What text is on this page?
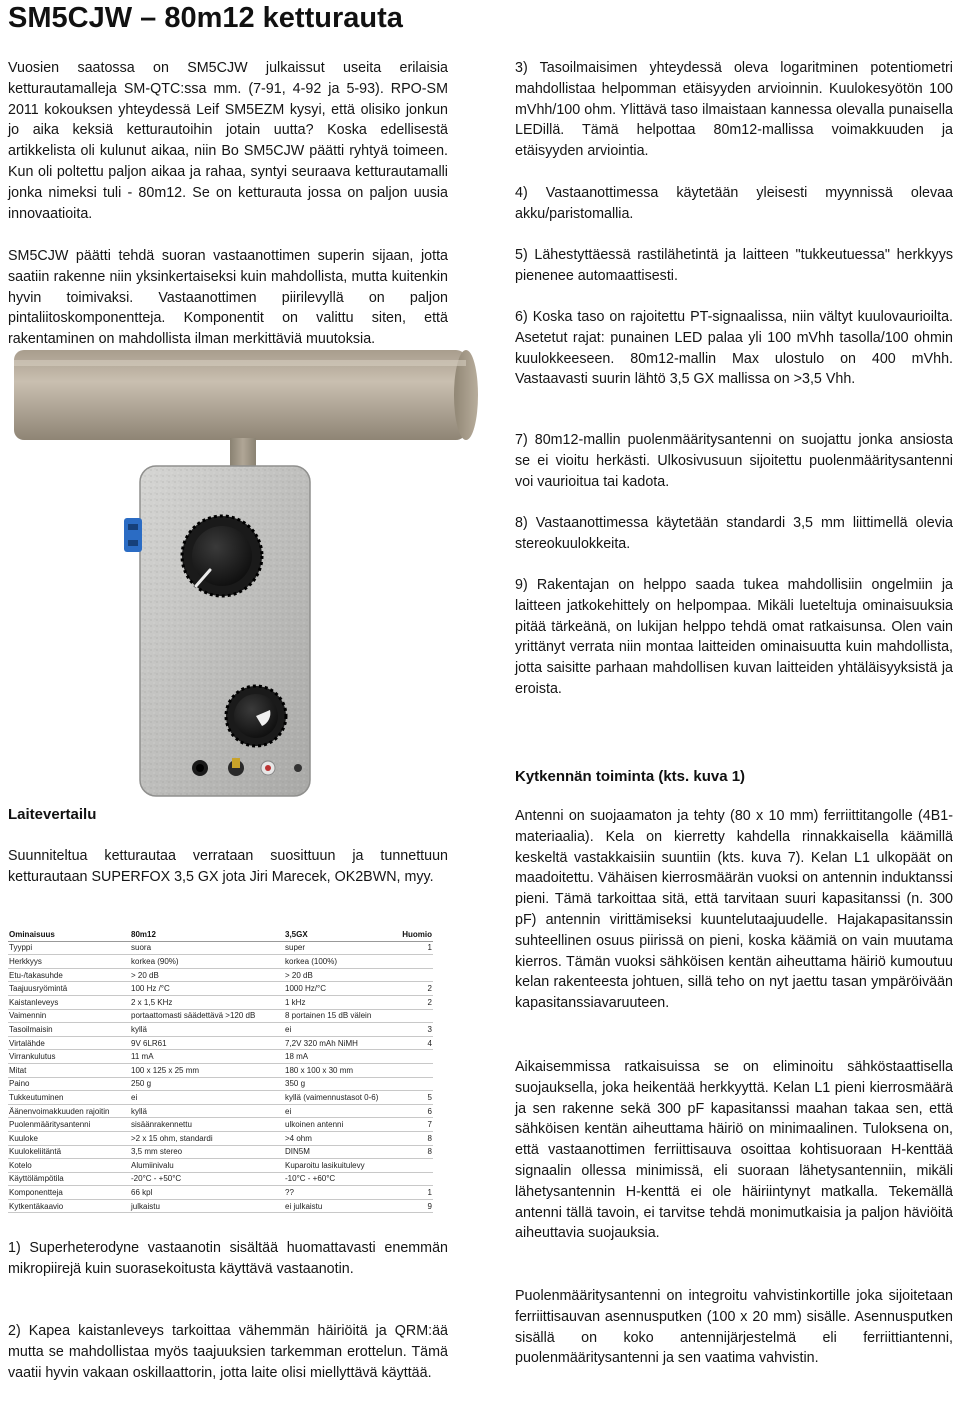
SM5CJW – 80m12 ketturauta

Vuosien saatossa on SM5CJW julkaissut useita erilaisia ketturautamalleja SM-QTC:ssa mm. (7-91, 4-92 ja 5-93). RPO-SM 2011 kokouksen yhteydessä Leif SM5EZM kysyi, että olisiko jonkun jo aika keksiä ketturautoihin jotain uutta? Koska edellisestä artikkelista oli kulunut aikaa, niin Bo SM5CJW päätti ryhtyä toimeen. Kun oli poltettu paljon aikaa ja rahaa, syntyi seuraava ketturautamalli jonka nimeksi tuli - 80m12. Se on ketturauta jossa on paljon uusia innovaatioita.

SM5CJW päätti tehdä suoran vastaanottimen superin sijaan, jotta saatiin rakenne niin yksinkertaiseksi kuin mahdollista, mutta kuitenkin hyvin toimivaksi. Vastaanottimen piirilevyllä on paljon pintaliitoskomponentteja. Komponentit on valittu siten, että rakentaminen on mahdollista ilman merkittäviä muutoksia.

Laitevertailu

Suunniteltua ketturautaa verrataan suosittuun ja tunnettuun ketturautaan SUPERFOX 3,5 GX jota Jiri Marecek, OK2BWN, myy.

Ominaisuus	80m12	3,5GX	Huomio
Tyyppi	suora	super	1
Herkkyys	korkea (90%)	korkea (100%)	
Etu-/takasuhde	> 20 dB	> 20 dB	
Taajuusryömintä	100 Hz /°C	1000 Hz/°C	2
Kaistanleveys	2 x 1,5 KHz	1 kHz	2
Vaimennin	portaattomasti säädettävä >120 dB	8 portainen 15 dB välein	
Tasoilmaisin	kyllä	ei	3
Virtalähde	9V 6LR61	7,2V 320 mAh NiMH	4
Virrankulutus	11 mA	18 mA	
Mitat	100 x 125 x 25 mm	180 x 100 x 30 mm	
Paino	250 g	350 g	
Tukkeutuminen	ei	kyllä (vaimennustasot 0-6)	5
Äänenvoimakkuuden rajoitin	kyllä	ei	6
Puolenmääritysantenni	sisäänrakennettu	ulkoinen antenni	7
Kuuloke	>2 x 15 ohm, standardi	>4 ohm	8
Kuulokeliitäntä	3,5 mm stereo	DIN5M	8
Kotelo	Alumiinivalu	Kuparoitu lasikuitulevy	
Käyttölämpötila	-20°C - +50°C	-10°C - +60°C	
Komponentteja	66 kpl	??	1
Kytkentäkaavio	julkaistu	ei julkaistu	9

1) Superheterodyne vastaanotin sisältää huomattavasti enemmän mikropiirejä kuin suorasekoitusta käyttävä vastaanotin.

2) Kapea kaistanleveys tarkoittaa vähemmän häiriöitä ja QRM:ää mutta se mahdollistaa myös taajuuksien tarkemman erottelun. Tämä vaatii hyvin vakaan oskillaattorin, jotta laite olisi miellyttävä käyttää.

3) Tasoilmaisimen yhteydessä oleva logaritminen potentiometri mahdollistaa helpomman etäisyyden arvioinnin. Kuulokesyötön 100 mVhh/100 ohm. Ylittävä taso ilmaistaan kannessa olevalla punaisella LEDillä. Tämä helpottaa 80m12-mallissa voimakkuuden ja etäisyyden arviointia.

4) Vastaanottimessa käytetään yleisesti myynnissä olevaa akku/paristomallia.

5) Lähestyttäessä rastilähetintä ja laitteen "tukkeutuessa" herkkyys pienenee automaattisesti.

6) Koska taso on rajoitettu PT-signaalissa, niin vältyt kuulovaurioilta. Asetetut rajat: punainen LED palaa yli 100 mVhh tasolla/100 ohmin kuulokkeeseen. 80m12-mallin Max ulostulo on 400 mVhh. Vastaavasti suurin lähtö 3,5 GX mallissa on >3,5 Vhh.

7) 80m12-mallin puolenmääritysantenni on suojattu jonka ansiosta se ei vioitu herkästi. Ulkosivusuun sijoitettu puolenmääritysantenni voi vaurioitua tai kadota.

8) Vastaanottimessa käytetään standardi 3,5 mm liittimellä olevia stereokuulokkeita.

9) Rakentajan on helppo saada tukea mahdollisiin ongelmiin ja laitteen jatkokehittely on helpompaa. Mikäli lueteltuja ominaisuuksia pitää tärkeänä, on lukijan helppo tehdä omat ratkaisunsa. Olen vain yrittänyt verrata niin montaa laitteiden ominaisuutta kuin mahdollista, jotta saisitte parhaan mahdollisen kuvan laitteiden yhtäläisyyksistä ja eroista.

Kytkennän toiminta (kts. kuva 1)

Antenni on suojaamaton ja tehty (80 x 10 mm) ferriittitangolle (4B1-materiaalia). Kela on kierretty kahdella rinnakkaisella käämillä keskeltä vastakkaisiin suuntiin (kts. kuva 7). Kelan L1 ulkopäät on maadoitettu. Vähäisen kierrosmäärän vuoksi on antennin induktanssi pieni. Tämä tarkoittaa sitä, että tarvitaan suuri kapasitanssi (n. 300 pF) antennin virittämiseksi kuuntelutaajuudelle. Hajakapasitanssin suhteellinen osuus piirissä on pieni, koska käämiä on vain muutama kierros. Tämän vuoksi sähköisen kentän aiheuttama häiriö kumoutuu kelan rakenteesta johtuen, sillä teho on nyt jaettu tasan ympäröivään kapasitanssiavaruuteen.

Aikaisemmissa ratkaisuissa se on eliminoitu sähköstaattisella suojauksella, joka heikentää herkkyyttä. Kelan L1 pieni kierrosmäärä ja sen rakenne sekä 300 pF kapasitanssi maahan takaa sen, että sähköisen kentän aiheuttama häiriö on minimaalinen. Tuloksena on, että vastaanottimen ferriittisauva osoittaa kohtisuoraan H-kenttää signaalin ollessa minimissä, eli suoraan lähetysantenniin, mikäli lähetysantennin H-kenttä ei ole häiriintynyt matkalla. Tekemällä antenni tällä tavoin, ei tarvitse tehdä monimutkaisia ja paljon häviöitä aiheuttavia suojauksia.

Puolenmääritysantenni on integroitu vahvistinkortille joka sijoitetaan ferriittisauvan asennusputken (100 x 20 mm) sisälle. Asennusputken sisällä on koko antennijärjestelmä eli ferriittiantenni, puolenmääritysantenni ja sen vaatima vahvistin.
